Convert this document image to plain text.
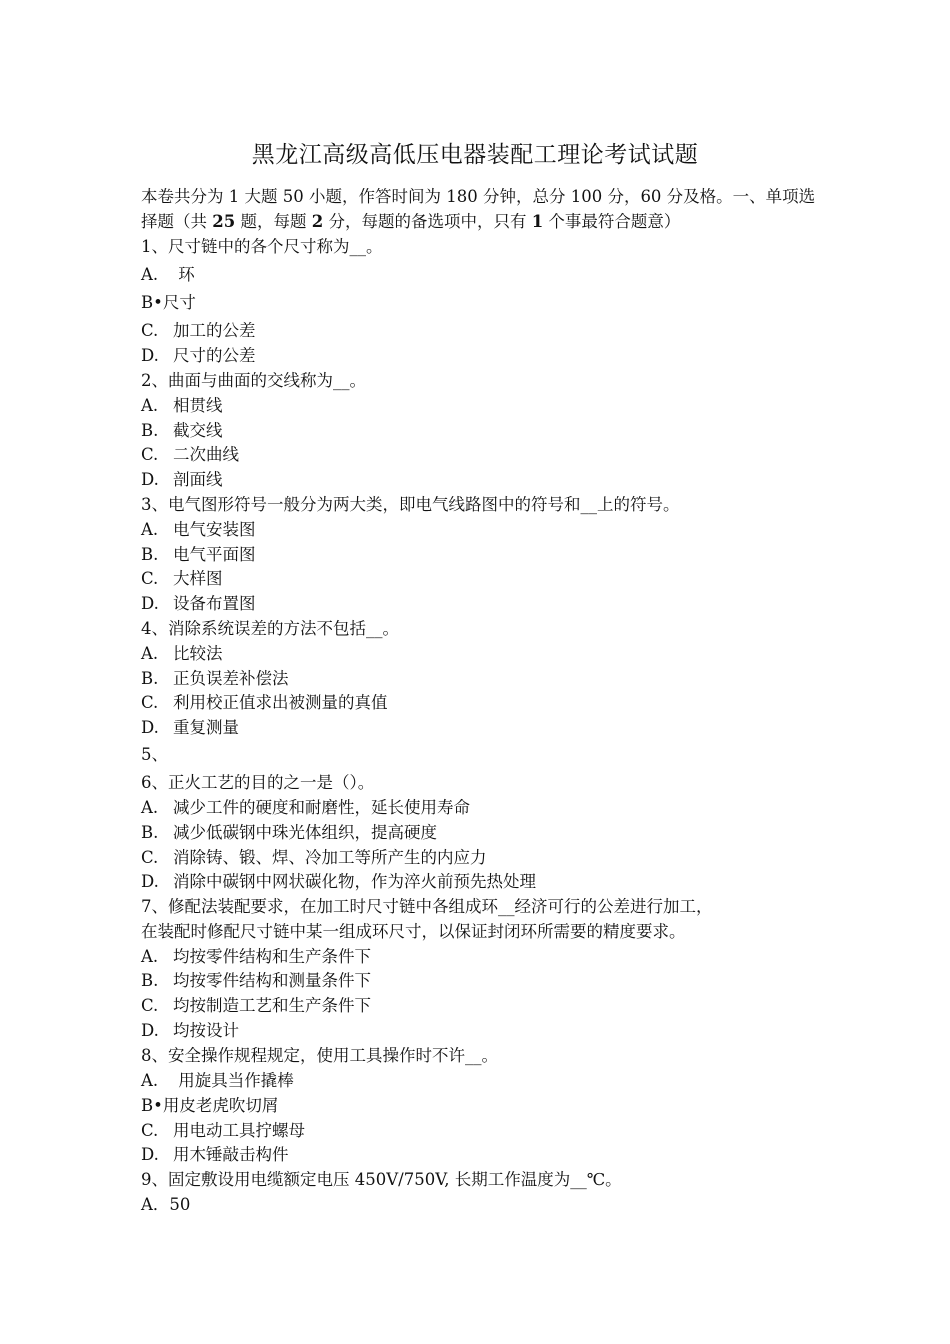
黑龙江高级高低压电器装配工理论考试试题
本卷共分为 1 大题 50 小题，作答时间为 180 分钟，总分 100 分，60 分及格。一、单项选择题（共 25 题，每题 2 分，每题的备选项中，只有 1 个事最符合题意）
1、尺寸链中的各个尺寸称为__。
A. 环
B•尺寸
C. 加工的公差
D. 尺寸的公差
2、曲面与曲面的交线称为__。
A. 相贯线
B. 截交线
C. 二次曲线
D. 剖面线
3、电气图形符号一般分为两大类，即电气线路图中的符号和__上的符号。
A. 电气安装图
B. 电气平面图
C. 大样图
D. 设备布置图
4、消除系统误差的方法不包括__。
A. 比较法
B. 正负误差补偿法
C. 利用校正值求出被测量的真值
D. 重复测量
5、
6、正火工艺的目的之一是（）。
A. 减少工件的硬度和耐磨性，延长使用寿命
B. 减少低碳钢中珠光体组织，提高硬度
C. 消除铸、锻、焊、冷加工等所产生的内应力
D. 消除中碳钢中网状碳化物，作为淬火前预先热处理
7、修配法装配要求，在加工时尺寸链中各组成环__经济可行的公差进行加工，
在装配时修配尺寸链中某一组成环尺寸，以保证封闭环所需要的精度要求。
A. 均按零件结构和生产条件下
B. 均按零件结构和测量条件下
C. 均按制造工艺和生产条件下
D. 均按设计
8、安全操作规程规定，使用工具操作时不许__。
A. 用旋具当作撬棒
B•用皮老虎吹切屑
C. 用电动工具拧螺母
D. 用木锤敲击构件
9、固定敷设用电缆额定电压 450V/750V, 长期工作温度为__℃。
A．50
